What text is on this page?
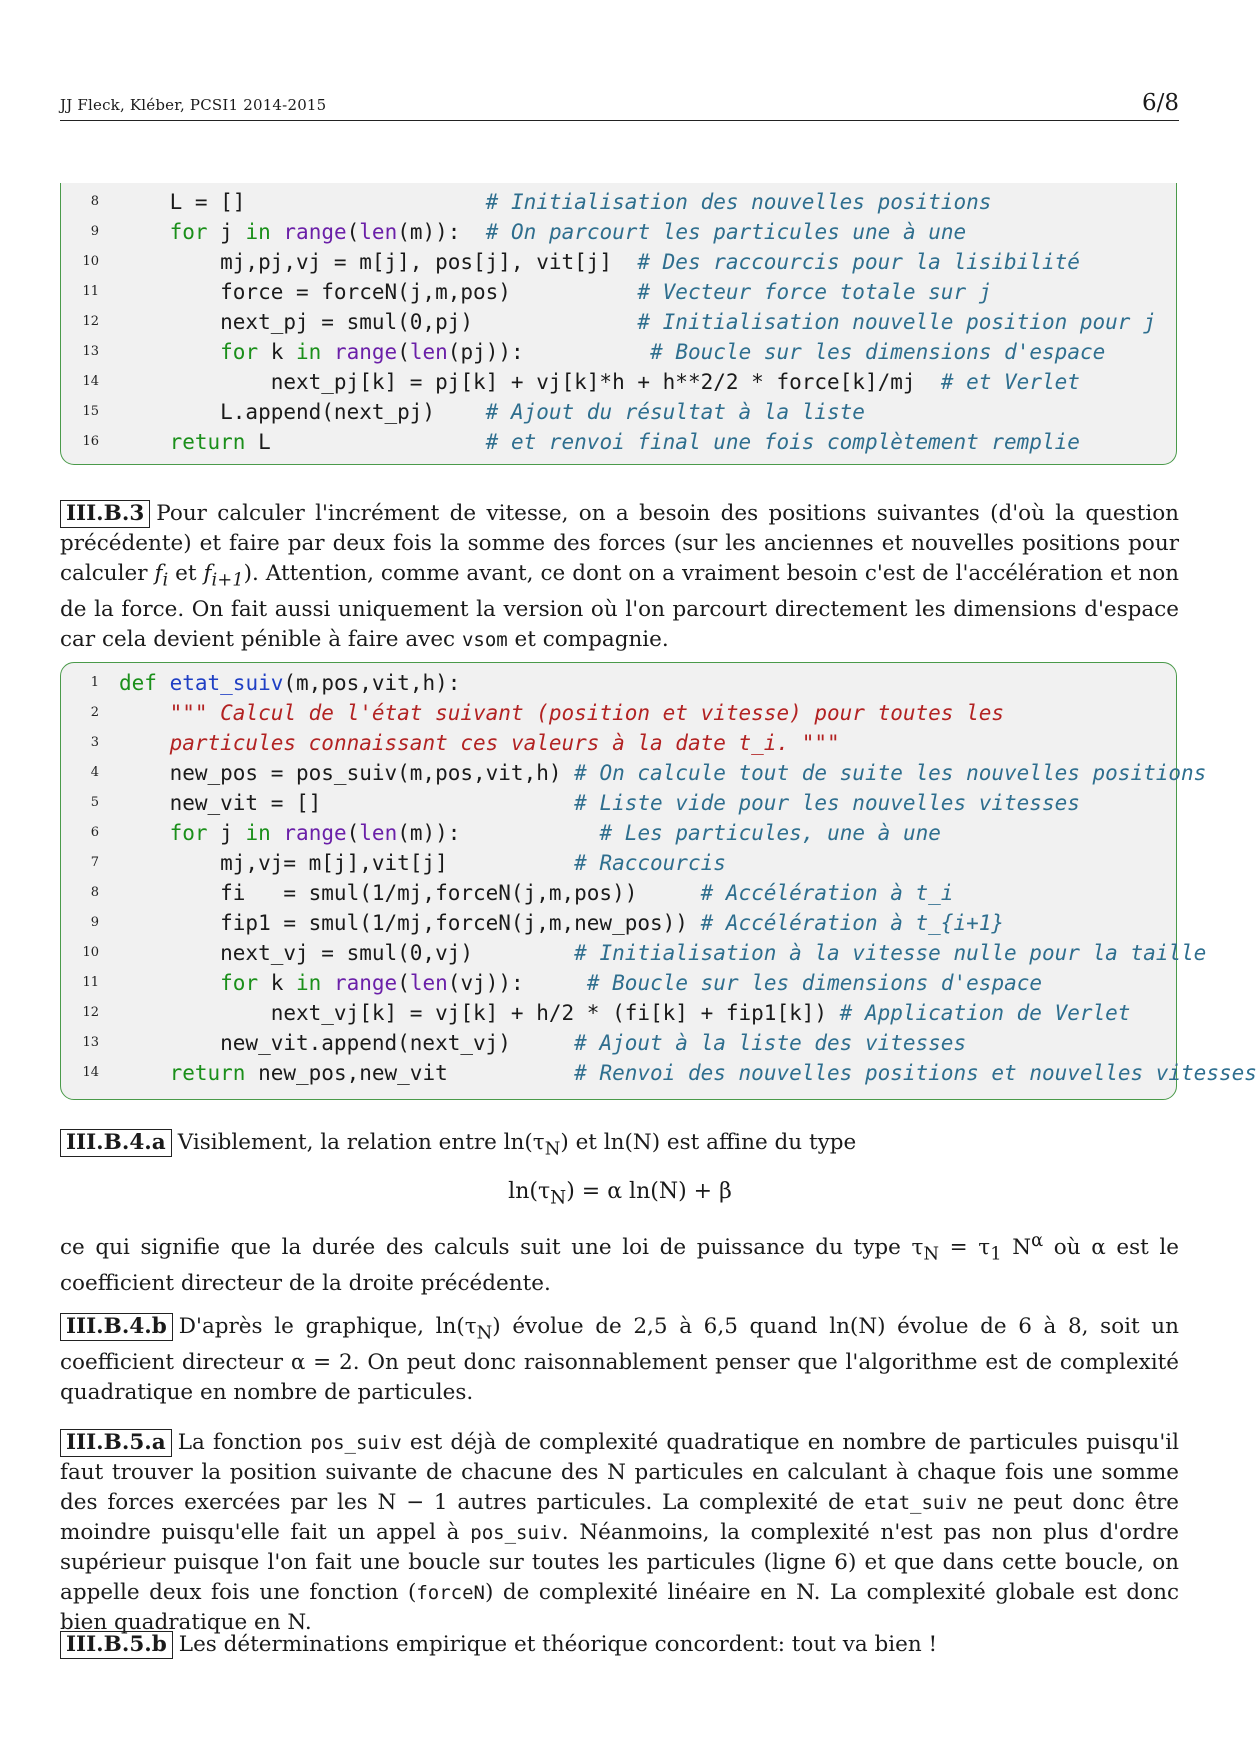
JJ Fleck, Kléber, PCSI1 2014-2015	6/8
8 L = []                   # Initialisation des nouvelles positions
9	for j in range(len(m)):  # On parcourt les particules une à une
10 mj,pj,vj = m[j], pos[j], vit[j]  # Des raccourcis pour la lisibilité
11 force = forceN(j,m,pos)          # Vecteur force totale sur j
12 next_pj = smul(0,pj)             # Initialisation nouvelle position pour j
13	for k in range(len(pj)):          # Boucle sur les dimensions d'espace
14 next_pj[k] = pj[k] + vj[k]*h + h**2/2 * force[k]/mj  # et Verlet
15 L.append(next_pj)    # Ajout du résultat à la liste
16	return L                 # et renvoi final une fois complètement remplie
III.B.3 Pour calculer l'incrément de vitesse, on a besoin des positions suivantes (d'où la question précédente) et faire par deux fois la somme des forces (sur les anciennes et nouvelles positions pour calculer $f_i$ et $f_{i+1}$). Attention, comme avant, ce dont on a vraiment besoin c'est de l'accélération et non de la force. On fait aussi uniquement la version où l'on parcourt directement les dimensions d'espace car cela devient pénible à faire avec vsom et compagnie.
1 def etat_suiv(m,pos,vit,h):
2	""" Calcul de l'état suivant (position et vitesse) pour toutes les
3	particules connaissant ces valeurs à la date t_i. """
4 new_pos = pos_suiv(m,pos,vit,h) # On calcule tout de suite les nouvelles positions
5 new_vit = []                    # Liste vide pour les nouvelles vitesses
6	for j in range(len(m)):           # Les particules, une à une
7 mj,vj= m[j],vit[j]          # Raccourcis
8 fi   = smul(1/mj,forceN(j,m,pos))     # Accélération à t_i
9 fip1 = smul(1/mj,forceN(j,m,new_pos)) # Accélération à t_{i+1}
10 next_vj = smul(0,vj)        # Initialisation à la vitesse nulle pour la taille
11	for k in range(len(vj)):     # Boucle sur les dimensions d'espace
12 next_vj[k] = vj[k] + h/2 * (fi[k] + fip1[k]) # Application de Verlet
13 new_vit.append(next_vj)     # Ajout à la liste des vitesses
14	return new_pos,new_vit          # Renvoi des nouvelles positions et nouvelles vitesses
III.B.4.a Visiblement, la relation entre $\ln(\tau_N)$ et ln(N) est affine du type
$\ln(\tau_N) = \alpha$ ln(N) + β
ce qui signifie que la durée des calculs suit une loi de puissance du type $\tau_N = \tau_1$ $N^\alpha$ où α est le coefficient directeur de la droite précédente.
III.B.4.b D'après le graphique, $\ln(\tau_N)$ évolue de 2,5 à 6,5 quand ln(N) évolue de 6 à 8, soit un coefficient directeur α = 2. On peut donc raisonnablement penser que l'algorithme est de complexité quadratique en nombre de particules.
III.B.5.a La fonction pos_suiv est déjà de complexité quadratique en nombre de particules puisqu'il faut trouver la position suivante de chacune des N particules en calculant à chaque fois une somme des forces exercées par les N − 1 autres particules. La complexité de etat_suiv ne peut donc être moindre puisqu'elle fait un appel à pos_suiv. Néanmoins, la complexité n'est pas non plus d'ordre supérieur puisque l'on fait une boucle sur toutes les particules (ligne 6) et que dans cette boucle, on appelle deux fois une fonction (forceN) de complexité linéaire en N. La complexité globale est donc bien quadratique en N.
III.B.5.b Les déterminations empirique et théorique concordent: tout va bien !
